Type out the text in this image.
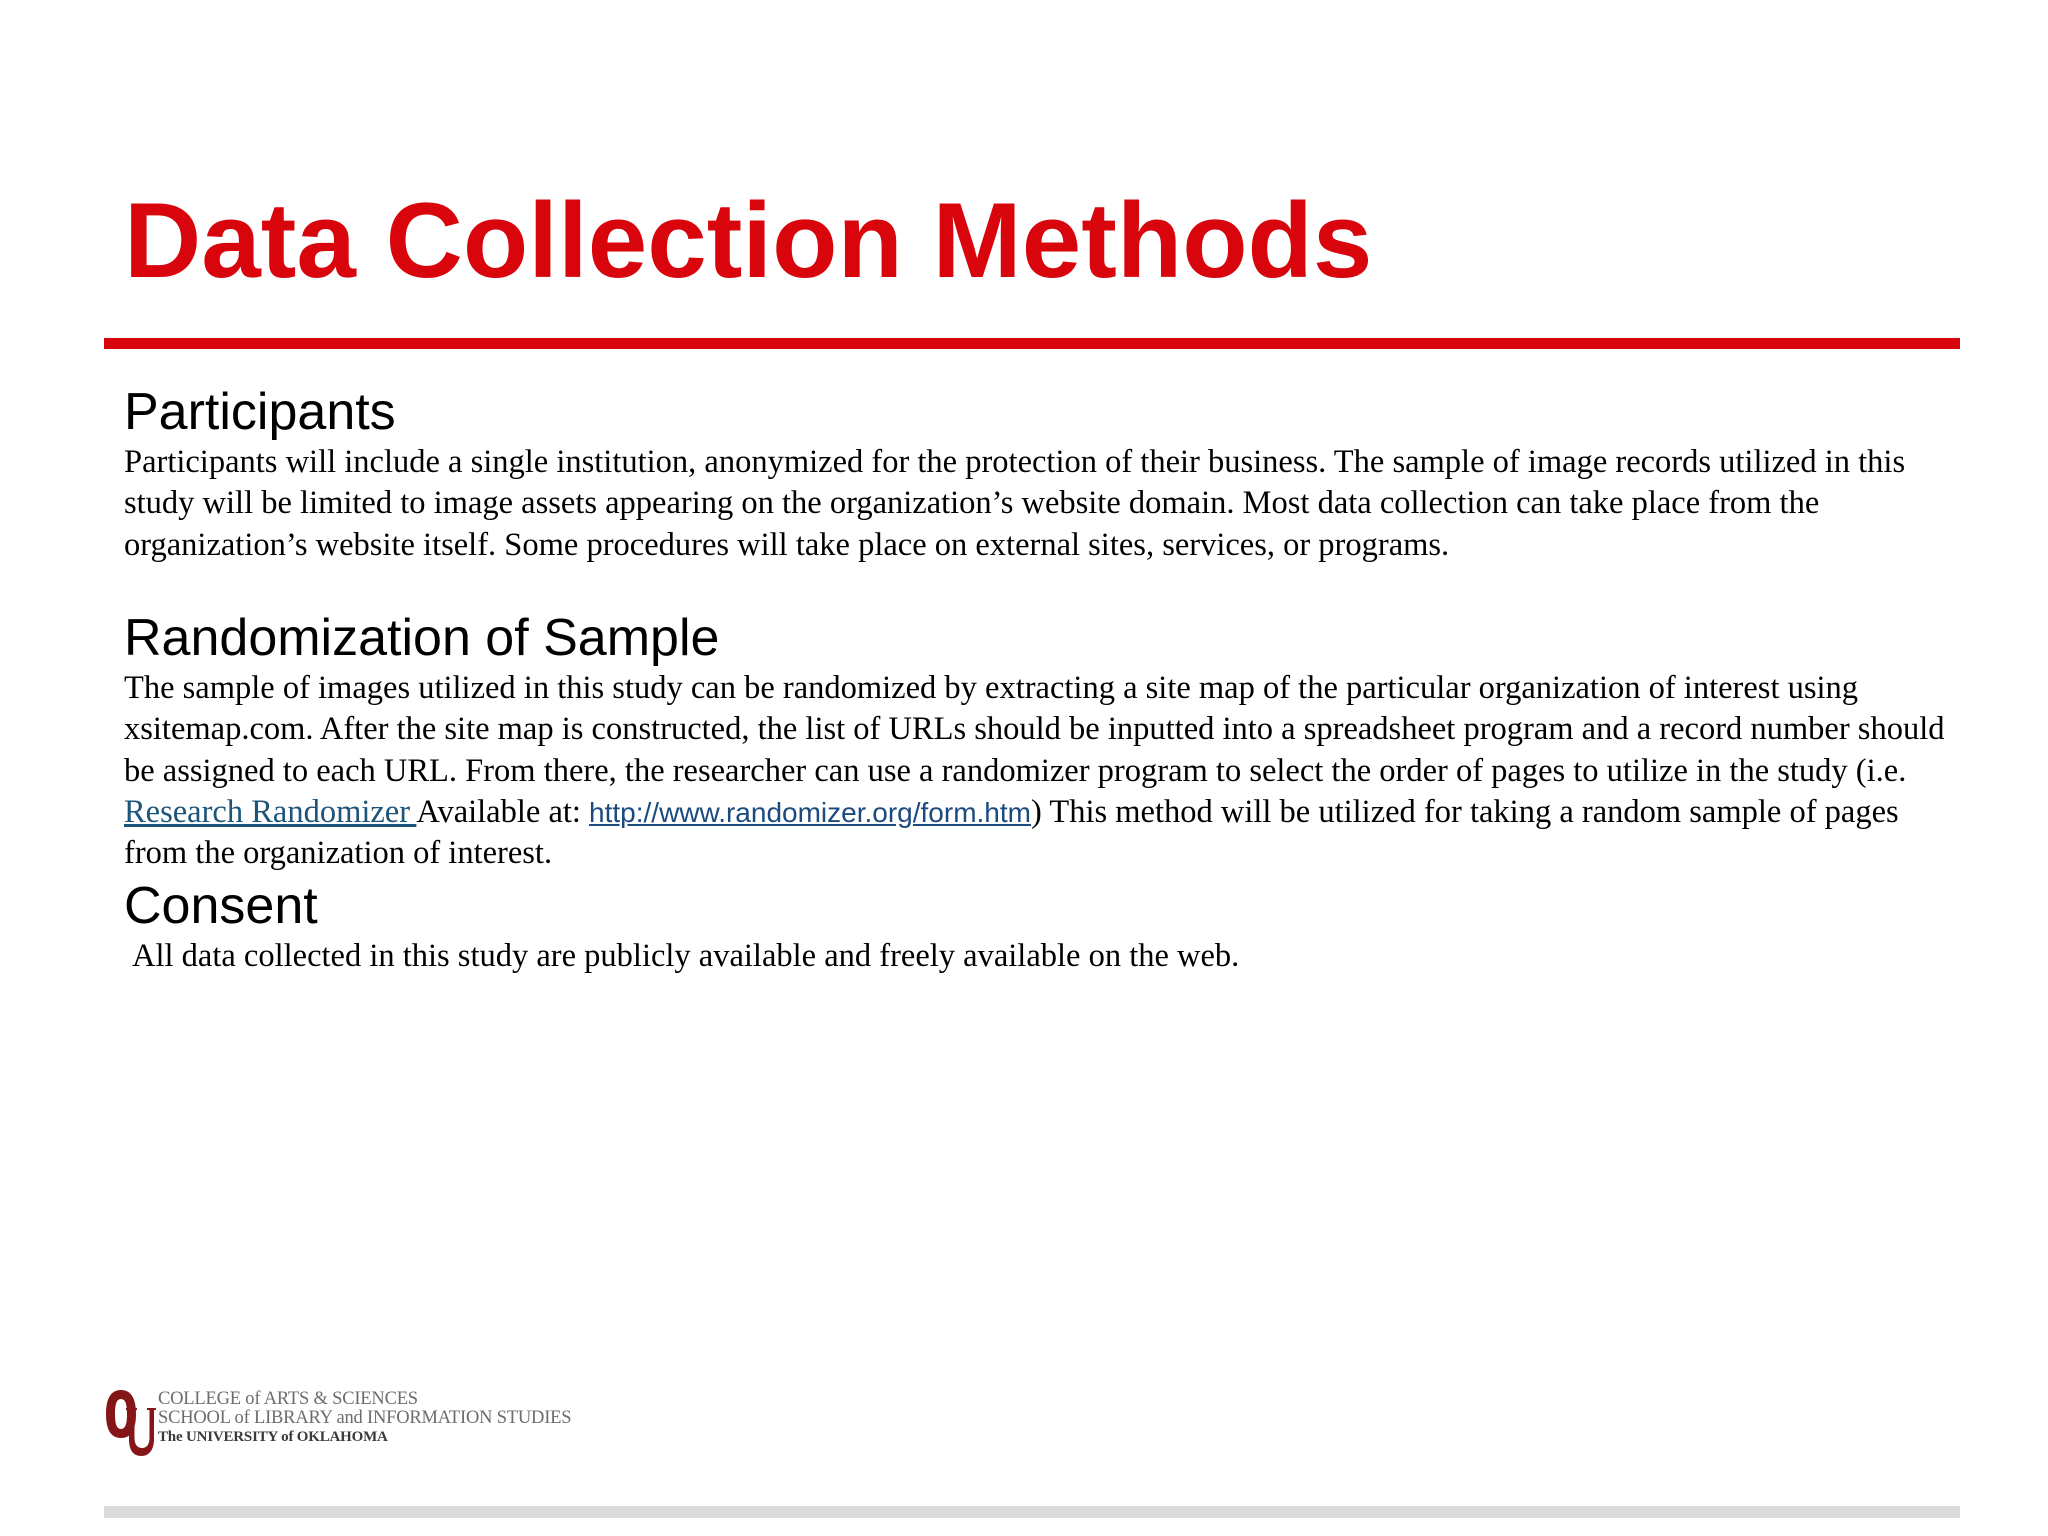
Data Collection Methods
Participants

Participants will include a single institution, anonymized for the protection of their business. The sample of image records utilized in this study will be limited to image assets appearing on the organization’s website domain. Most data collection can take place from the organization’s website itself. Some procedures will take place on external sites, services, or programs.

Randomization of Sample

The sample of images utilized in this study can be randomized by extracting a site map of the particular organization of interest using xsitemap.com. After the site map is constructed, the list of URLs should be inputted into a spreadsheet program and a record number should be assigned to each URL. From there, the researcher can use a randomizer program to select the order of pages to utilize in the study (i.e. Research Randomizer Available at: http://www.randomizer.org/form.htm) This method will be utilized for taking a random sample of pages from the organization of interest.

Consent

All data collected in this study are publicly available and freely available on the web.

COLLEGE of ARTS & SCIENCES
SCHOOL of LIBRARY and INFORMATION STUDIES
The UNIVERSITY of OKLAHOMA
